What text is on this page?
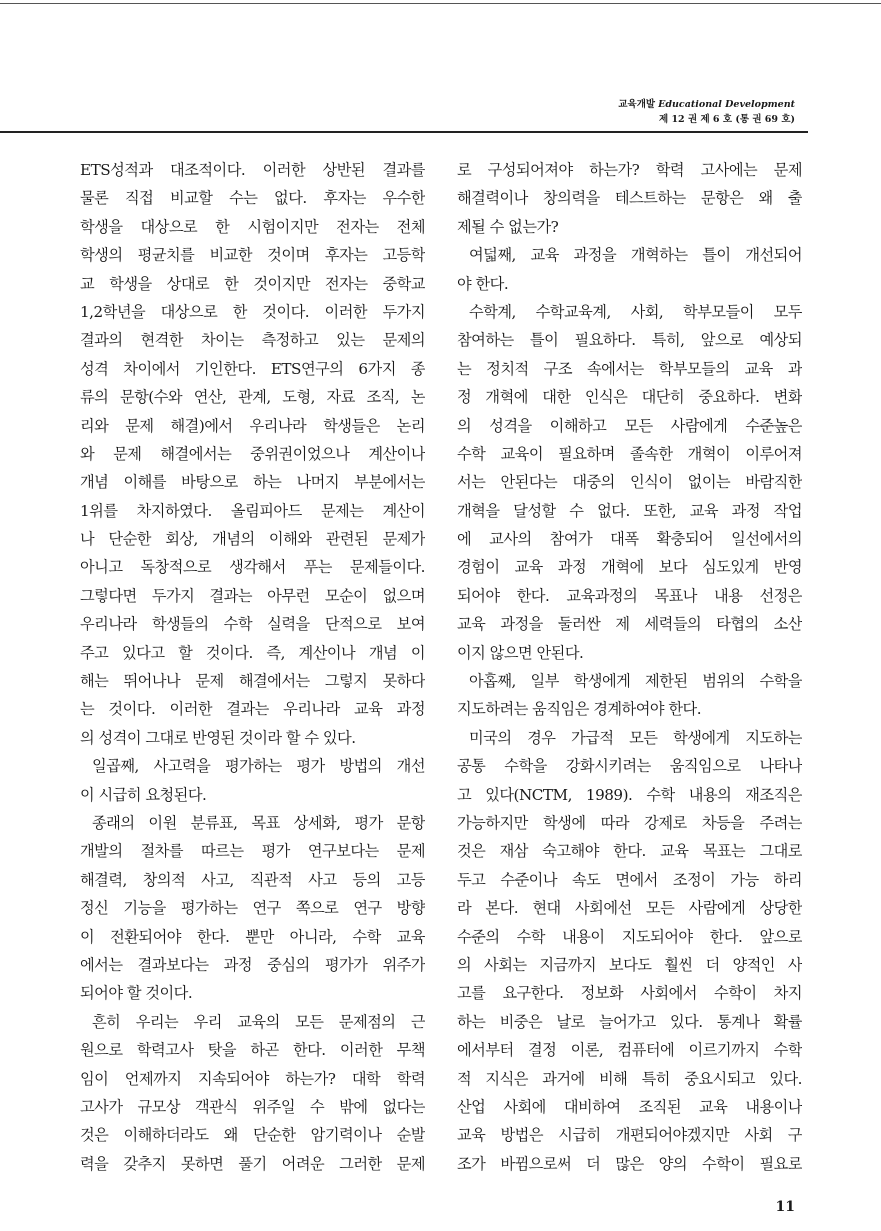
교육개발 Educational Development
제 12 권 제 6 호 (통 권 69 호)
ETS성적과 대조적이다. 이러한 상반된 결과를
물론 직접 비교할 수는 없다. 후자는 우수한
학생을 대상으로 한 시험이지만 전자는 전체
학생의 평균치를 비교한 것이며 후자는 고등학
교 학생을 상대로 한 것이지만 전자는 중학교
1,2학년을 대상으로 한 것이다. 이러한 두가지
결과의 현격한 차이는 측정하고 있는 문제의
성격 차이에서 기인한다. ETS연구의 6가지 종
류의 문항(수와 연산, 관계, 도형, 자료 조직, 논
리와 문제 해결)에서 우리나라 학생들은 논리
와 문제 해결에서는 중위권이었으나 계산이나
개념 이해를 바탕으로 하는 나머지 부분에서는
1위를 차지하였다. 올림피아드 문제는 계산이
나 단순한 회상, 개념의 이해와 관련된 문제가
아니고 독창적으로 생각해서 푸는 문제들이다.
그렇다면 두가지 결과는 아무런 모순이 없으며
우리나라 학생들의 수학 실력을 단적으로 보여
주고 있다고 할 것이다. 즉, 계산이나 개념 이
해는 뛰어나나 문제 해결에서는 그렇지 못하다
는 것이다. 이러한 결과는 우리나라 교육 과정
의 성격이 그대로 반영된 것이라 할 수 있다.
일곱째, 사고력을 평가하는 평가 방법의 개선
이 시급히 요청된다.
종래의 이원 분류표, 목표 상세화, 평가 문항
개발의 절차를 따르는 평가 연구보다는 문제
해결력, 창의적 사고, 직관적 사고 등의 고등
정신 기능을 평가하는 연구 쪽으로 연구 방향
이 전환되어야 한다. 뿐만 아니라, 수학 교육
에서는 결과보다는 과정 중심의 평가가 위주가
되어야 할 것이다.
흔히 우리는 우리 교육의 모든 문제점의 근
원으로 학력고사 탓을 하곤 한다. 이러한 무책
임이 언제까지 지속되어야 하는가? 대학 학력
고사가 규모상 객관식 위주일 수 밖에 없다는
것은 이해하더라도 왜 단순한 암기력이나 순발
력을 갖추지 못하면 풀기 어려운 그러한 문제
로 구성되어져야 하는가? 학력 고사에는 문제
해결력이나 창의력을 테스트하는 문항은 왜 출
제될 수 없는가?
여덟째, 교육 과정을 개혁하는 틀이 개선되어
야 한다.
수학계, 수학교육계, 사회, 학부모들이 모두
참여하는 틀이 필요하다. 특히, 앞으로 예상되
는 정치적 구조 속에서는 학부모들의 교육 과
정 개혁에 대한 인식은 대단히 중요하다. 변화
의 성격을 이해하고 모든 사람에게 수준높은
수학 교육이 필요하며 졸속한 개혁이 이루어져
서는 안된다는 대중의 인식이 없이는 바람직한
개혁을 달성할 수 없다. 또한, 교육 과정 작업
에 교사의 참여가 대폭 확충되어 일선에서의
경험이 교육 과정 개혁에 보다 심도있게 반영
되어야 한다. 교육과정의 목표나 내용 선정은
교육 과정을 둘러싼 제 세력들의 타협의 소산
이지 않으면 안된다.
아홉째, 일부 학생에게 제한된 범위의 수학을
지도하려는 움직임은 경계하여야 한다.
미국의 경우 가급적 모든 학생에게 지도하는
공통 수학을 강화시키려는 움직임으로 나타나
고 있다(NCTM, 1989). 수학 내용의 재조직은
가능하지만 학생에 따라 강제로 차등을 주려는
것은 재삼 숙고해야 한다. 교육 목표는 그대로
두고 수준이나 속도 면에서 조정이 가능 하리
라 본다. 현대 사회에선 모든 사람에게 상당한
수준의 수학 내용이 지도되어야 한다. 앞으로
의 사회는 지금까지 보다도 훨씬 더 양적인 사
고를 요구한다. 정보화 사회에서 수학이 차지
하는 비중은 날로 늘어가고 있다. 통계나 확률
에서부터 결정 이론, 컴퓨터에 이르기까지 수학
적 지식은 과거에 비해 특히 중요시되고 있다.
산업 사회에 대비하여 조직된 교육 내용이나
교육 방법은 시급히 개편되어야겠지만 사회 구
조가 바뀜으로써 더 많은 양의 수학이 필요로
11
